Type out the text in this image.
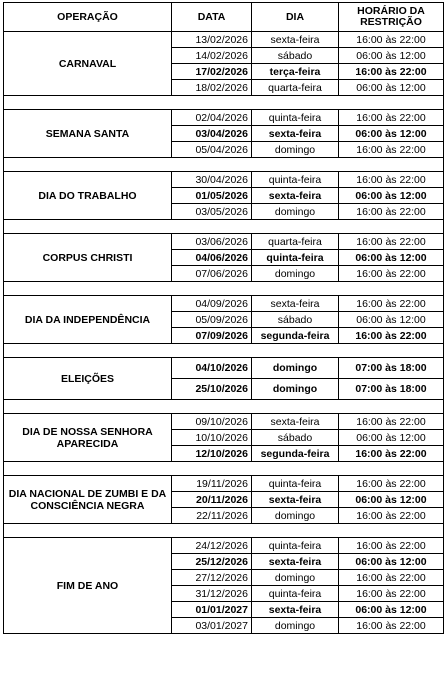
OPERAÇÃO	DATA	DIA	HORÁRIO DA RESTRIÇÃO
CARNAVAL	13/02/2026	sexta-feira	16:00 às 22:00
	14/02/2026	sábado	06:00 às 12:00
	17/02/2026	terça-feira	16:00 às 22:00
	18/02/2026	quarta-feira	06:00 às 12:00

SEMANA SANTA	02/04/2026	quinta-feira	16:00 às 22:00
	03/04/2026	sexta-feira	06:00 às 12:00
	05/04/2026	domingo	16:00 às 22:00

DIA DO TRABALHO	30/04/2026	quinta-feira	16:00 às 22:00
	01/05/2026	sexta-feira	06:00 às 12:00
	03/05/2026	domingo	16:00 às 22:00

CORPUS CHRISTI	03/06/2026	quarta-feira	16:00 às 22:00
	04/06/2026	quinta-feira	06:00 às 12:00
	07/06/2026	domingo	16:00 às 22:00

DIA DA INDEPENDÊNCIA	04/09/2026	sexta-feira	16:00 às 22:00
	05/09/2026	sábado	06:00 às 12:00
	07/09/2026	segunda-feira	16:00 às 22:00

ELEIÇÕES	04/10/2026	domingo	07:00 às 18:00
	25/10/2026	domingo	07:00 às 18:00

DIA DE NOSSA SENHORA APARECIDA	09/10/2026	sexta-feira	16:00 às 22:00
	10/10/2026	sábado	06:00 às 12:00
	12/10/2026	segunda-feira	16:00 às 22:00

DIA NACIONAL DE ZUMBI E DA CONSCIÊNCIA NEGRA	19/11/2026	quinta-feira	16:00 às 22:00
	20/11/2026	sexta-feira	06:00 às 12:00
	22/11/2026	domingo	16:00 às 22:00

FIM DE ANO	24/12/2026	quinta-feira	16:00 às 22:00
	25/12/2026	sexta-feira	06:00 às 12:00
	27/12/2026	domingo	16:00 às 22:00
	31/12/2026	quinta-feira	16:00 às 22:00
	01/01/2027	sexta-feira	06:00 às 12:00
	03/01/2027	domingo	16:00 às 22:00
